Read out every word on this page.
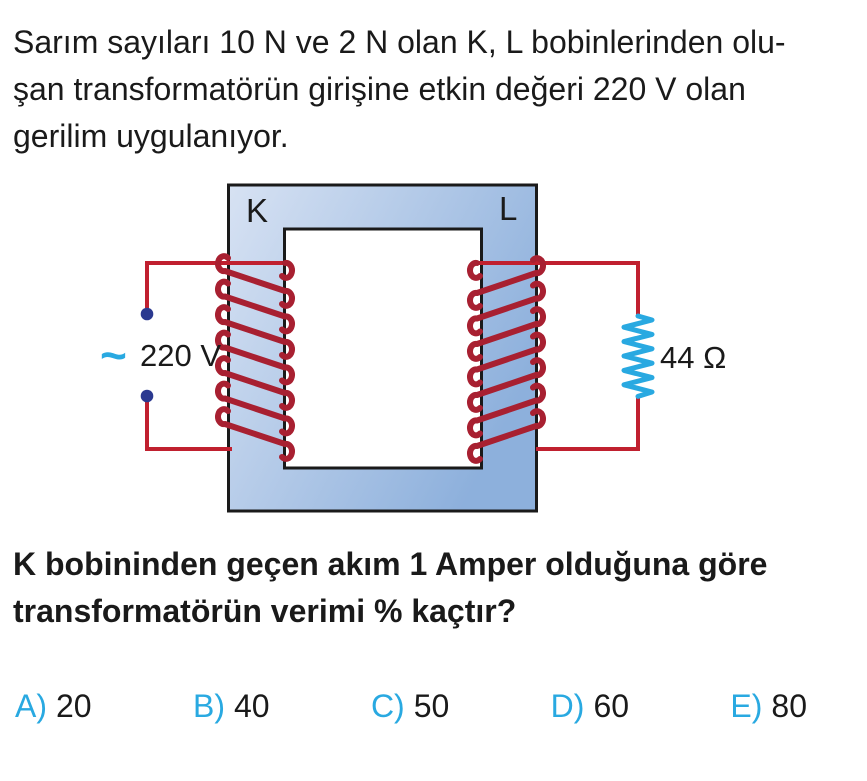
Sarım sayıları 10 N ve 2 N olan K, L bobinlerinden olu-
şan transformatörün girişine etkin değeri 220 V olan
gerilim uygulanıyor.
K	L
~ 220 V	44 Ω
K bobininden geçen akım 1 Amper olduğuna göre
transformatörün verimi % kaçtır?
A) 20	B) 40	C) 50	D) 60	E) 80
